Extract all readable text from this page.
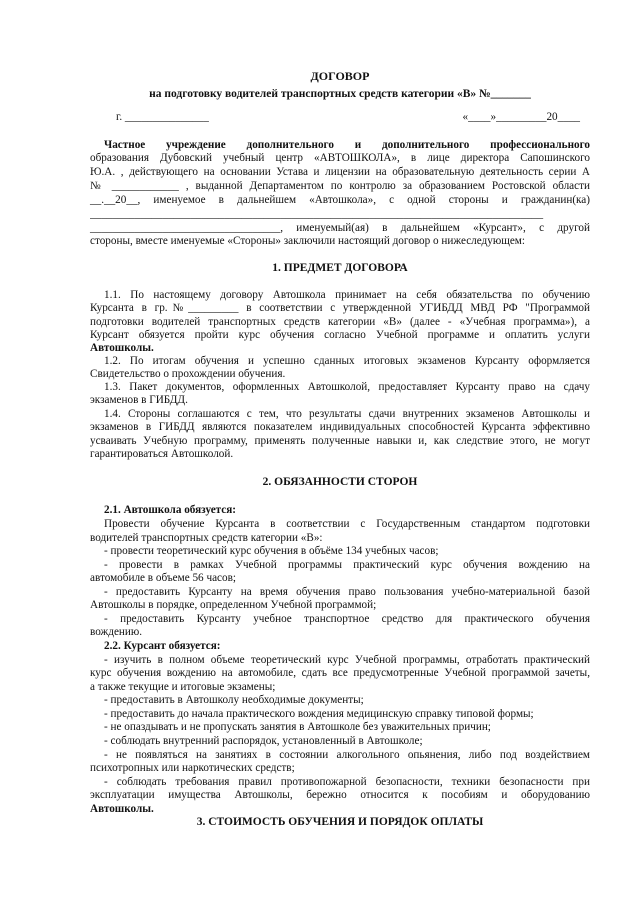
ДОГОВОР
на подготовку водителей транспортных средств категории «В» №_______
г. _______________	«____»_________20____
Частное учреждение дополнительного и дополнительного профессионального
образования Дубовский учебный центр «АВТОШКОЛА», в лице директора Сапошинского
Ю.А. , действующего на основании Устава и лицензии на образовательную деятельность серии А
№ ____________ , выданной Департаментом по контролю за образованием Ростовской области
__.__20__, именуемое в дальнейшем «Автошкола», с одной стороны и гражданин(ка)
_________________________________________________________________________________
__________________________________, именуемый(ая) в дальнейшем «Курсант», с другой
стороны, вместе именуемые «Стороны» заключили настоящий договор о нижеследующем:
1. ПРЕДМЕТ ДОГОВОРА
1.1. По настоящему договору Автошкола принимает на себя обязательства по обучению
Курсанта в гр.№_________ в соответствии с утвержденной УГИБДД МВД РФ "Программой
подготовки водителей транспортных средств категории «В» (далее - «Учебная программа»), а
Курсант обязуется пройти курс обучения согласно Учебной программе и оплатить услуги
Автошколы.
1.2. По итогам обучения и успешно сданных итоговых экзаменов Курсанту оформляется
Свидетельство о прохождении обучения.
1.3. Пакет документов, оформленных Автошколой, предоставляет Курсанту право на сдачу
экзаменов в ГИБДД.
1.4. Стороны соглашаются с тем, что результаты сдачи внутренних экзаменов Автошколы и
экзаменов в ГИБДД являются показателем индивидуальных способностей Курсанта эффективно
усваивать Учебную программу, применять полученные навыки и, как следствие этого, не могут
гарантироваться Автошколой.
2. ОБЯЗАННОСТИ СТОРОН
2.1. Автошкола обязуется:
Провести обучение Курсанта в соответствии с Государственным стандартом подготовки
водителей транспортных средств категории «В»:
- провести теоретический курс обучения в объёме 134 учебных часов;
- провести в рамках Учебной программы практический курс обучения вождению на
автомобиле в объеме 56 часов;
- предоставить Курсанту на время обучения право пользования учебно-материальной базой
Автошколы в порядке, определенном Учебной программой;
- предоставить Курсанту учебное транспортное средство для практического обучения
вождению.
2.2. Курсант обязуется:
- изучить в полном объеме теоретический курс Учебной программы, отработать практический
курс обучения вождению на автомобиле, сдать все предусмотренные Учебной программой зачеты,
а также текущие и итоговые экзамены;
- предоставить в Автошколу необходимые документы;
- предоставить до начала практического вождения медицинскую справку типовой формы;
- не опаздывать и не пропускать занятия в Автошколе без уважительных причин;
- соблюдать внутренний распорядок, установленный в Автошколе;
- не появляться на занятиях в состоянии алкогольного опьянения, либо под воздействием
психотропных или наркотических средств;
- соблюдать требования правил противопожарной безопасности, техники безопасности при
эксплуатации имущества Автошколы, бережно относится к пособиям и оборудованию
Автошколы.
3. СТОИМОСТЬ ОБУЧЕНИЯ И ПОРЯДОК ОПЛАТЫ
